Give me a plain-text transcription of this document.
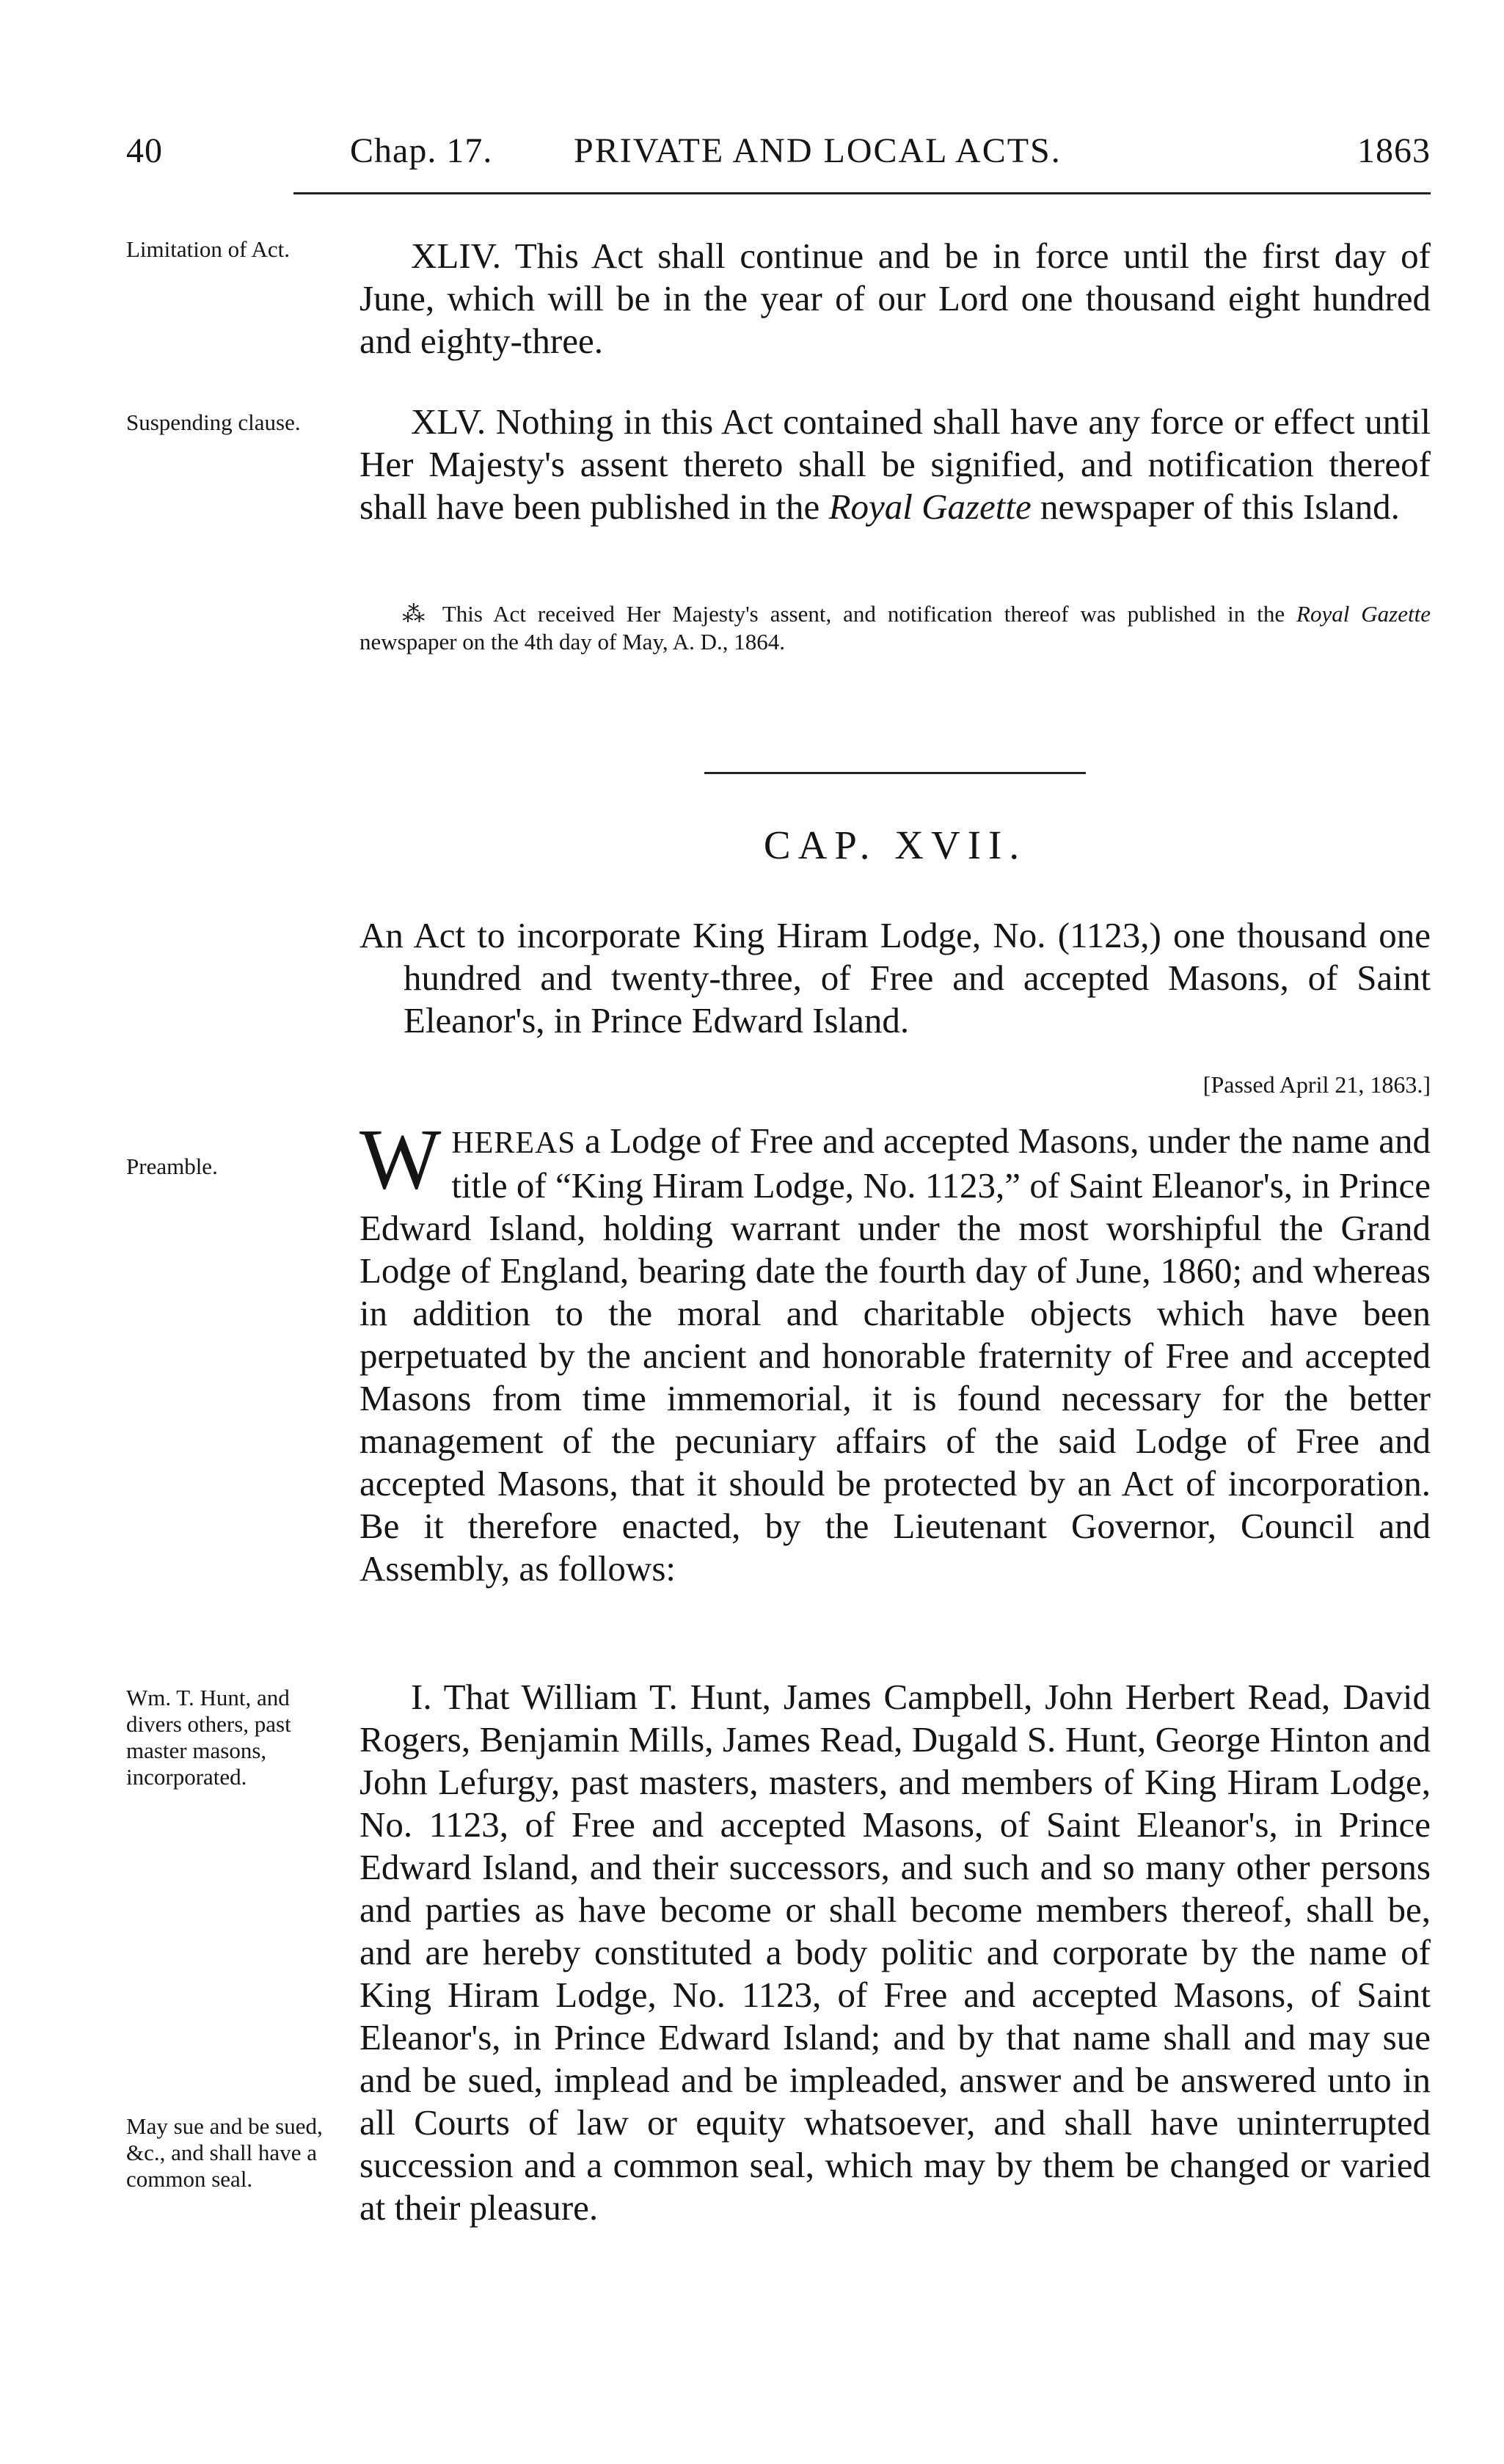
40	Chap. 17. PRIVATE AND LOCAL ACTS.	1863
Limitation of Act.	XLIV. This Act shall continue and be in force until the first day of June, which will be in the year of our Lord one thousand eight hundred and eighty-three.

Suspending clause.	XLV. Nothing in this Act contained shall have any force or effect until Her Majesty's assent thereto shall be signified, and notification thereof shall have been published in the Royal Gazette newspaper of this Island.

⁂ This Act received Her Majesty's assent, and notification thereof was published in the Royal Gazette newspaper on the 4th day of May, A. D., 1864.

CAP. XVII.

An Act to incorporate King Hiram Lodge, No. (1123,) one thousand one hundred and twenty-three, of Free and accepted Masons, of Saint Eleanor's, in Prince Edward Island.

[Passed April 21, 1863.]
Preamble.	WHEREAS a Lodge of Free and accepted Masons, under the name and title of “King Hiram Lodge, No. 1123,” of Saint Eleanor's, in Prince Edward Island, holding warrant under the most worshipful the Grand Lodge of England, bearing date the fourth day of June, 1860; and whereas in addition to the moral and charitable objects which have been perpetuated by the ancient and honorable fraternity of Free and accepted Masons from time immemorial, it is found necessary for the better management of the pecuniary affairs of the said Lodge of Free and accepted Masons, that it should be protected by an Act of incorporation. Be it therefore enacted, by the Lieutenant Governor, Council and Assembly, as follows:

Wm. T. Hunt, and divers others, past master masons, incorporated.
May sue and be sued, &c., and shall have a common seal.

I. That William T. Hunt, James Campbell, John Herbert Read, David Rogers, Benjamin Mills, James Read, Dugald S. Hunt, George Hinton and John Lefurgy, past masters, masters, and members of King Hiram Lodge, No. 1123, of Free and accepted Masons, of Saint Eleanor's, in Prince Edward Island, and their successors, and such and so many other persons and parties as have become or shall become members thereof, shall be, and are hereby constituted a body politic and corporate by the name of King Hiram Lodge, No. 1123, of Free and accepted Masons, of Saint Eleanor's, in Prince Edward Island; and by that name shall and may sue and be sued, implead and be impleaded, answer and be answered unto in all Courts of law or equity whatsoever, and shall have uninterrupted succession and a common seal, which may by them be changed or varied at their pleasure.
